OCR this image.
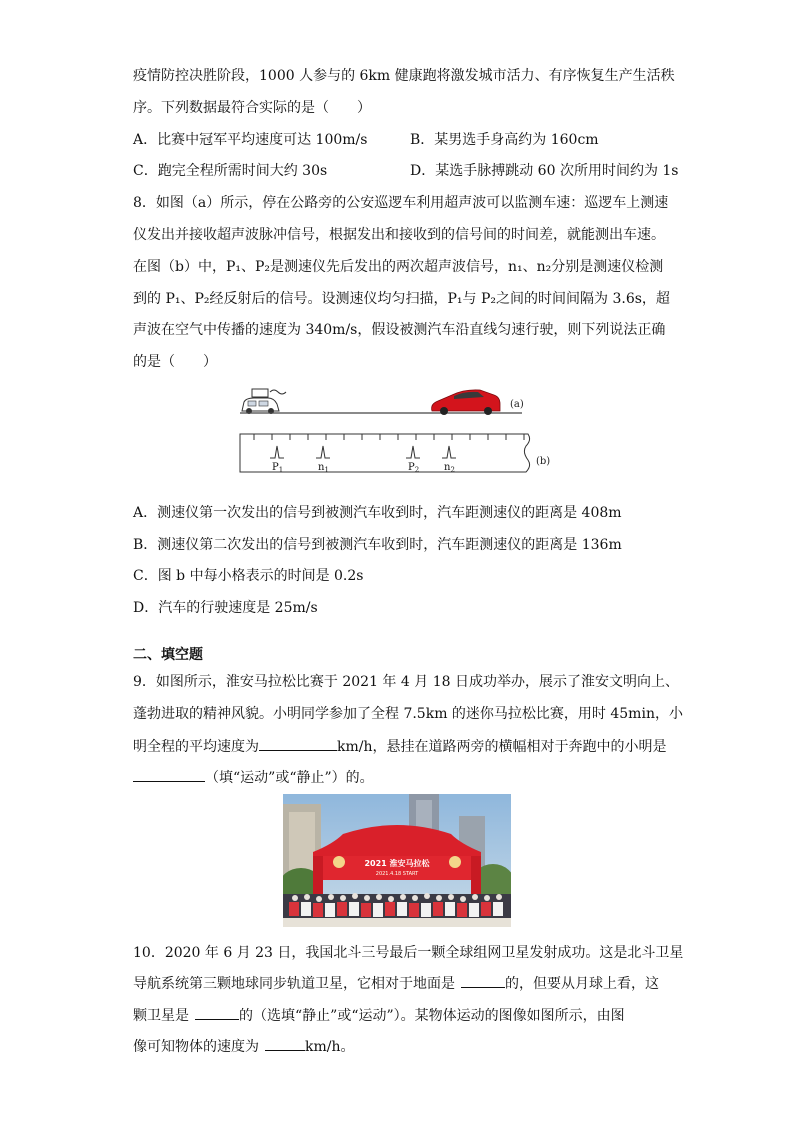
疫情防控决胜阶段，1000 人参与的 6km 健康跑将激发城市活力、有序恢复生产生活秩
序。下列数据最符合实际的是（　　）
A．比赛中冠军平均速度可达 100m/s	B．某男选手身高约为 160cm
C．跑完全程所需时间大约 30s	D．某选手脉搏跳动 60 次所用时间约为 1s
8．如图（a）所示，停在公路旁的公安巡逻车利用超声波可以监测车速：巡逻车上测速
仪发出并接收超声波脉冲信号，根据发出和接收到的信号间的时间差，就能测出车速。
在图（b）中，P₁、P₂是测速仪先后发出的两次超声波信号，n₁、n₂分别是测速仪检测
到的 P₁、P₂经反射后的信号。设测速仪均匀扫描，P₁与 P₂之间的时间间隔为 3.6s，超
声波在空气中传播的速度为 340m/s，假设被测汽车沿直线匀速行驶，则下列说法正确
的是（　　）
(a)
$P_1$	$n_1$	$P_2$ $n_2$
(b)
A．测速仪第一次发出的信号到被测汽车收到时，汽车距测速仪的距离是 408m
B．测速仪第二次发出的信号到被测汽车收到时，汽车距测速仪的距离是 136m
C．图 b 中每小格表示的时间是 0.2s
D．汽车的行驶速度是 25m/s
二、填空题
9．如图所示，淮安马拉松比赛于 2021 年 4 月 18 日成功举办，展示了淮安文明向上、
蓬勃进取的精神风貌。小明同学参加了全程 7.5km 的迷你马拉松比赛，用时 45min，小
明全程的平均速度为	km/h，悬挂在道路两旁的横幅相对于奔跑中的小明是
（填“运动”或“静止”）的。
2021 淮安马拉松
2021.4.18 START
10．2020 年 6 月 23 日，我国北斗三号最后一颗全球组网卫星发射成功。这是北斗卫星
导航系统第三颗地球同步轨道卫星，它相对于地面是	的，但要从月球上看，这
颗卫星是	的（选填“静止”或“运动”）。某物体运动的图像如图所示，由图
像可知物体的速度为	km/h。
